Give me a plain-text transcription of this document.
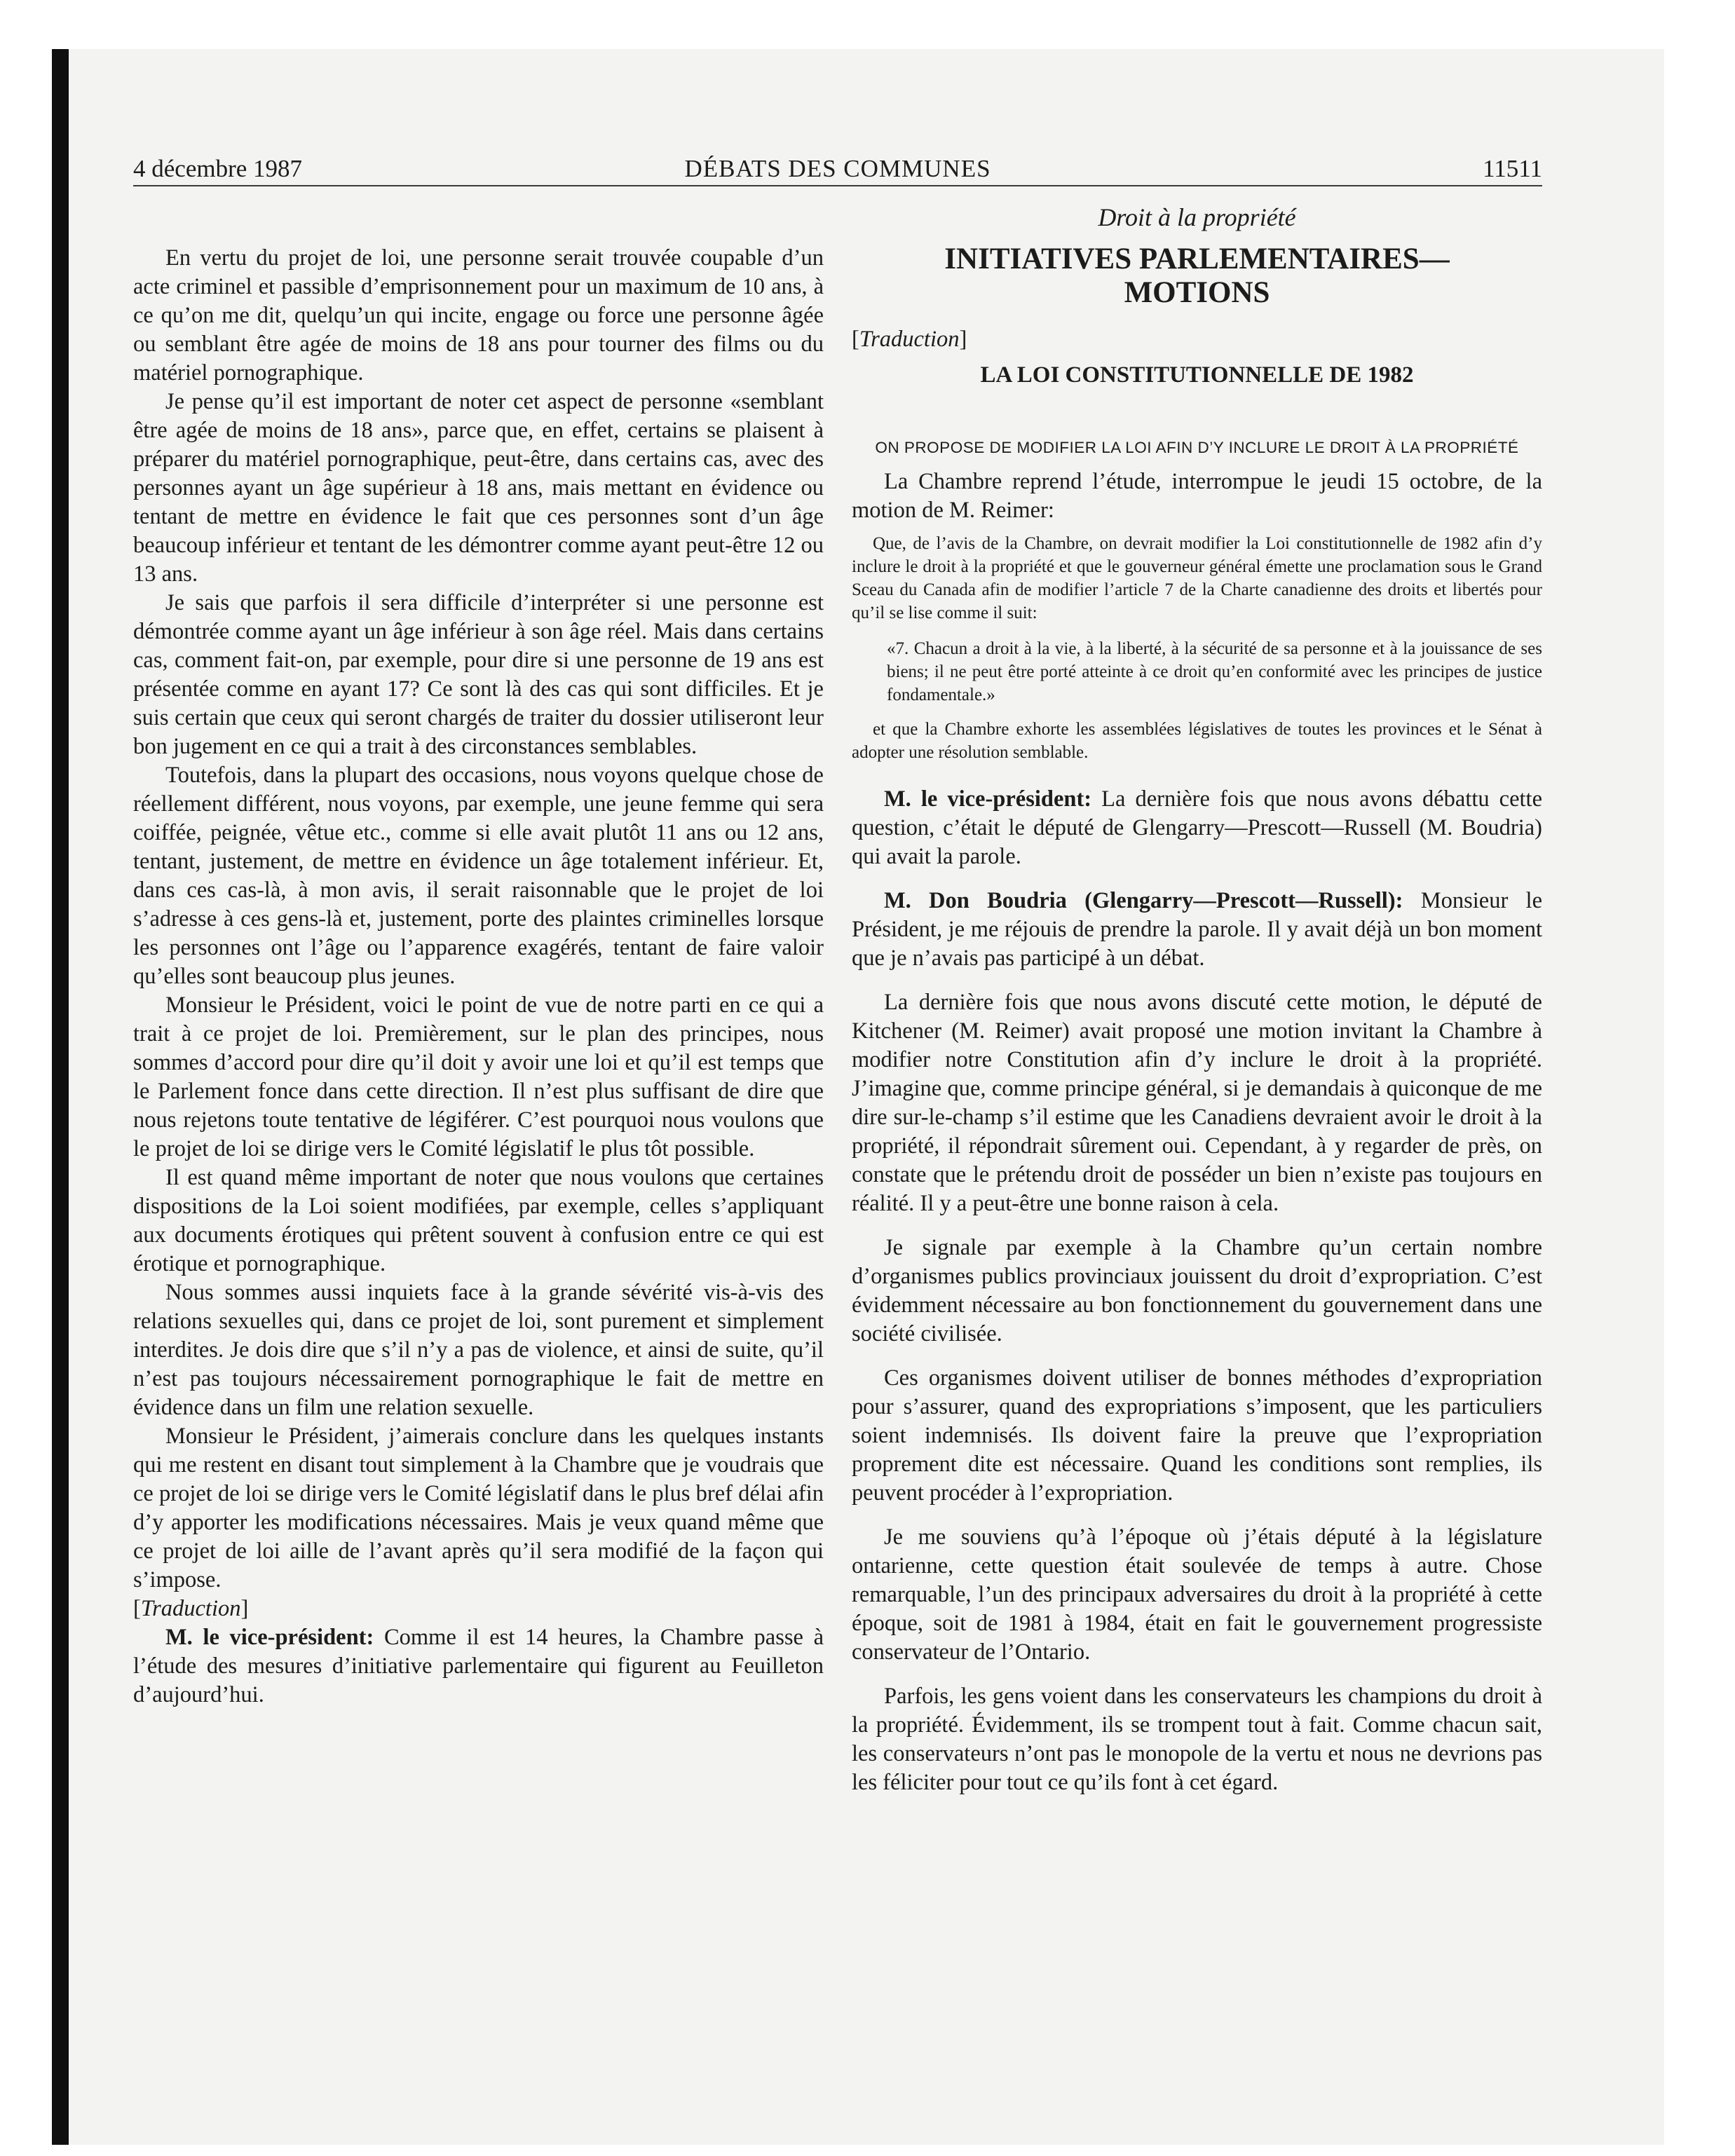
4 décembre 1987	DÉBATS DES COMMUNES	11511

En vertu du projet de loi, une personne serait trouvée coupable d’un acte criminel et passible d’emprisonnement pour un maximum de 10 ans, à ce qu’on me dit, quelqu’un qui incite, engage ou force une personne âgée ou semblant être agée de moins de 18 ans pour tourner des films ou du matériel pornographique.

Je pense qu’il est important de noter cet aspect de personne «semblant être agée de moins de 18 ans», parce que, en effet, certains se plaisent à préparer du matériel pornographique, peut-être, dans certains cas, avec des personnes ayant un âge supérieur à 18 ans, mais mettant en évidence ou tentant de mettre en évidence le fait que ces personnes sont d’un âge beaucoup inférieur et tentant de les démontrer comme ayant peut-être 12 ou 13 ans.

Je sais que parfois il sera difficile d’interpréter si une personne est démontrée comme ayant un âge inférieur à son âge réel. Mais dans certains cas, comment fait-on, par exemple, pour dire si une personne de 19 ans est présentée comme en ayant 17? Ce sont là des cas qui sont difficiles. Et je suis certain que ceux qui seront chargés de traiter du dossier utiliseront leur bon jugement en ce qui a trait à des circonstances semblables.

Toutefois, dans la plupart des occasions, nous voyons quelque chose de réellement différent, nous voyons, par exemple, une jeune femme qui sera coiffée, peignée, vêtue etc., comme si elle avait plutôt 11 ans ou 12 ans, tentant, justement, de mettre en évidence un âge totalement inférieur. Et, dans ces cas-là, à mon avis, il serait raisonnable que le projet de loi s’adresse à ces gens-là et, justement, porte des plaintes criminelles lorsque les personnes ont l’âge ou l’apparence exagérés, tentant de faire valoir qu’elles sont beaucoup plus jeunes.

Monsieur le Président, voici le point de vue de notre parti en ce qui a trait à ce projet de loi. Premièrement, sur le plan des principes, nous sommes d’accord pour dire qu’il doit y avoir une loi et qu’il est temps que le Parlement fonce dans cette direction. Il n’est plus suffisant de dire que nous rejetons toute tentative de légiférer. C’est pourquoi nous voulons que le projet de loi se dirige vers le Comité législatif le plus tôt possible.

Il est quand même important de noter que nous voulons que certaines dispositions de la Loi soient modifiées, par exemple, celles s’appliquant aux documents érotiques qui prêtent souvent à confusion entre ce qui est érotique et pornographique.

Nous sommes aussi inquiets face à la grande sévérité vis-à-vis des relations sexuelles qui, dans ce projet de loi, sont purement et simplement interdites. Je dois dire que s’il n’y a pas de violence, et ainsi de suite, qu’il n’est pas toujours nécessairement pornographique le fait de mettre en évidence dans un film une relation sexuelle.

Monsieur le Président, j’aimerais conclure dans les quelques instants qui me restent en disant tout simplement à la Chambre que je voudrais que ce projet de loi se dirige vers le Comité législatif dans le plus bref délai afin d’y apporter les modifications nécessaires. Mais je veux quand même que ce projet de loi aille de l’avant après qu’il sera modifié de la façon qui s’impose.

[Traduction]

M. le vice-président: Comme il est 14 heures, la Chambre passe à l’étude des mesures d’initiative parlementaire qui figurent au Feuilleton d’aujourd’hui.

Droit à la propriété
INITIATIVES PARLEMENTAIRES—
MOTIONS
[Traduction]
LA LOI CONSTITUTIONNELLE DE 1982
ON PROPOSE DE MODIFIER LA LOI AFIN D’Y INCLURE LE DROIT À LA PROPRIÉTÉ

La Chambre reprend l’étude, interrompue le jeudi 15 octobre, de la motion de M. Reimer:

Que, de l’avis de la Chambre, on devrait modifier la Loi constitutionnelle de 1982 afin d’y inclure le droit à la propriété et que le gouverneur général émette une proclamation sous le Grand Sceau du Canada afin de modifier l’article 7 de la Charte canadienne des droits et libertés pour qu’il se lise comme il suit:

«7. Chacun a droit à la vie, à la liberté, à la sécurité de sa personne et à la jouissance de ses biens; il ne peut être porté atteinte à ce droit qu’en conformité avec les principes de justice fondamentale.»

et que la Chambre exhorte les assemblées législatives de toutes les provinces et le Sénat à adopter une résolution semblable.

M. le vice-président: La dernière fois que nous avons débattu cette question, c’était le député de Glengarry—Prescott—Russell (M. Boudria) qui avait la parole.

M. Don Boudria (Glengarry—Prescott—Russell): Monsieur le Président, je me réjouis de prendre la parole. Il y avait déjà un bon moment que je n’avais pas participé à un débat.

La dernière fois que nous avons discuté cette motion, le député de Kitchener (M. Reimer) avait proposé une motion invitant la Chambre à modifier notre Constitution afin d’y inclure le droit à la propriété. J’imagine que, comme principe général, si je demandais à quiconque de me dire sur-le-champ s’il estime que les Canadiens devraient avoir le droit à la propriété, il répondrait sûrement oui. Cependant, à y regarder de près, on constate que le prétendu droit de posséder un bien n’existe pas toujours en réalité. Il y a peut-être une bonne raison à cela.

Je signale par exemple à la Chambre qu’un certain nombre d’organismes publics provinciaux jouissent du droit d’expropriation. C’est évidemment nécessaire au bon fonctionnement du gouvernement dans une société civilisée.

Ces organismes doivent utiliser de bonnes méthodes d’expropriation pour s’assurer, quand des expropriations s’imposent, que les particuliers soient indemnisés. Ils doivent faire la preuve que l’expropriation proprement dite est nécessaire. Quand les conditions sont remplies, ils peuvent procéder à l’expropriation.

Je me souviens qu’à l’époque où j’étais député à la législature ontarienne, cette question était soulevée de temps à autre. Chose remarquable, l’un des principaux adversaires du droit à la propriété à cette époque, soit de 1981 à 1984, était en fait le gouvernement progressiste conservateur de l’Ontario.

Parfois, les gens voient dans les conservateurs les champions du droit à la propriété. Évidemment, ils se trompent tout à fait. Comme chacun sait, les conservateurs n’ont pas le monopole de la vertu et nous ne devrions pas les féliciter pour tout ce qu’ils font à cet égard.
